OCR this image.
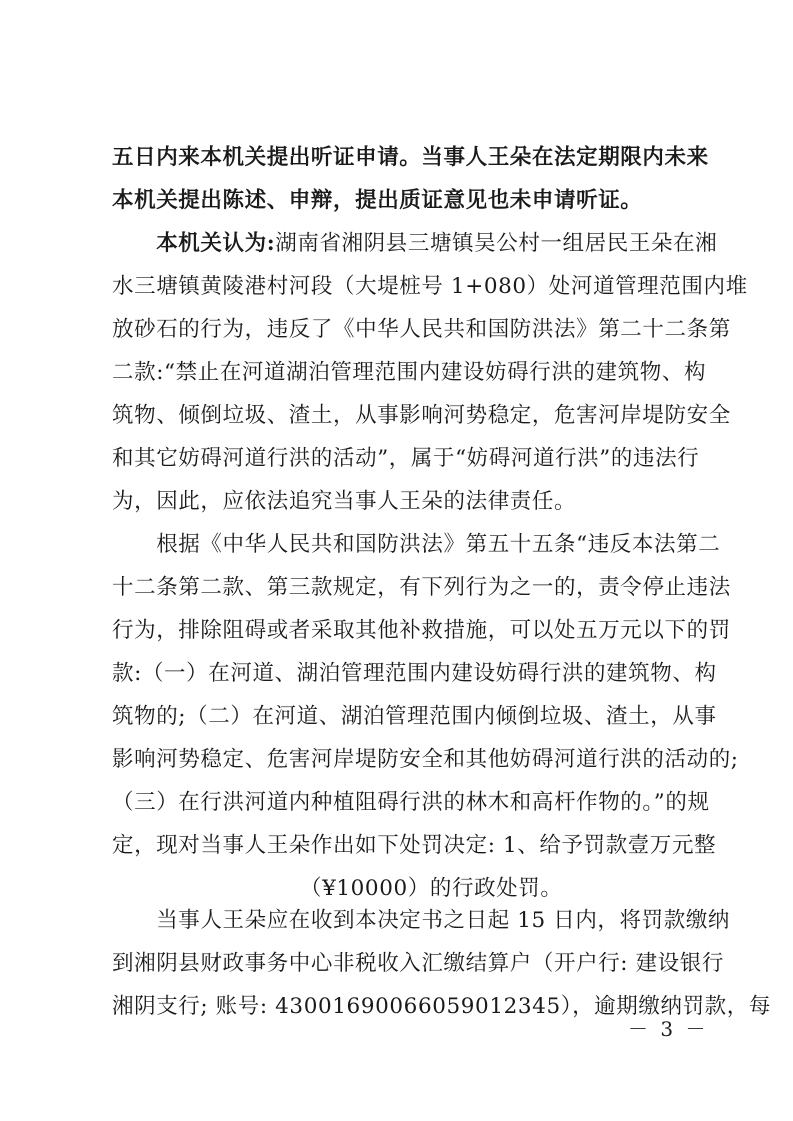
五日内来本机关提出听证申请。当事人王朵在法定期限内未来
本机关提出陈述、申辩，提出质证意见也未申请听证。
　　本机关认为:湖南省湘阴县三塘镇吴公村一组居民王朵在湘
水三塘镇黄陵港村河段（大堤桩号 1+080）处河道管理范围内堆
放砂石的行为，违反了《中华人民共和国防洪法》第二十二条第
二款:“禁止在河道湖泊管理范围内建设妨碍行洪的建筑物、构
筑物、倾倒垃圾、渣土，从事影响河势稳定，危害河岸堤防安全
和其它妨碍河道行洪的活动”，属于“妨碍河道行洪”的违法行
为，因此，应依法追究当事人王朵的法律责任。
　　根据《中华人民共和国防洪法》第五十五条“违反本法第二
十二条第二款、第三款规定，有下列行为之一的，责令停止违法
行为，排除阻碍或者采取其他补救措施，可以处五万元以下的罚
款:（一）在河道、湖泊管理范围内建设妨碍行洪的建筑物、构
筑物的;（二）在河道、湖泊管理范围内倾倒垃圾、渣土，从事
影响河势稳定、危害河岸堤防安全和其他妨碍河道行洪的活动的;
（三）在行洪河道内种植阻碍行洪的林木和高杆作物的。”的规
定，现对当事人王朵作出如下处罚决定: 1、给予罚款壹万元整
（¥10000）的行政处罚。
　　当事人王朵应在收到本决定书之日起 15 日内，将罚款缴纳
到湘阴县财政事务中心非税收入汇缴结算户（开户行: 建设银行
－ 3 －
湘阴支行; 账号: 43001690066059012345），逾期缴纳罚款，每
